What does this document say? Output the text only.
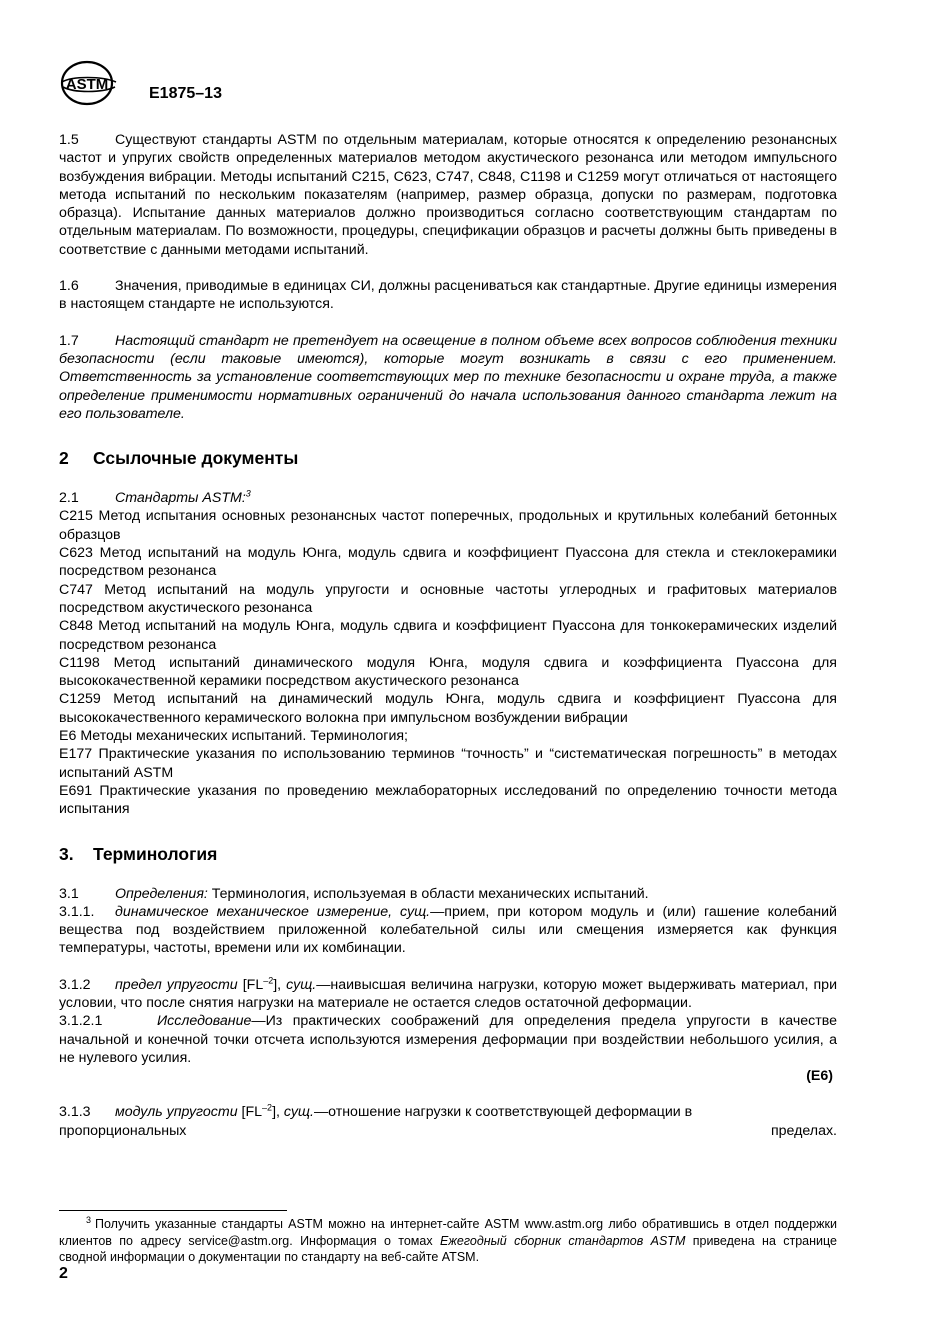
ASTM
E1875–13

1.5	Существуют стандарты ASTM по отдельным материалам, которые относятся к определению резонансных частот и упругих свойств определенных материалов методом акустического резонанса или методом импульсного возбуждения вибрации. Методы испытаний C215, C623, C747, C848, C1198 и C1259 могут отличаться от настоящего метода испытаний по нескольким показателям (например, размер образца, допуски по размерам, подготовка образца). Испытание данных материалов должно производиться согласно соответствующим стандартам по отдельным материалам. По возможности, процедуры, спецификации образцов и расчеты должны быть приведены в соответствие с данными методами испытаний.

1.6	Значения, приводимые в единицах СИ, должны расцениваться как стандартные. Другие единицы измерения в настоящем стандарте не используются.

1.7	Настоящий стандарт не претендует на освещение в полном объеме всех вопросов соблюдения техники безопасности (если таковые имеются), которые могут возникать в связи с его применением. Ответственность за установление соответствующих мер по технике безопасности и охране труда, а также определение применимости нормативных ограничений до начала использования данного стандарта лежит на его пользователе.

2 Ссылочные документы

2.1	Стандарты ASTM:$^3$

C215 Метод испытания основных резонансных частот поперечных, продольных и крутильных колебаний бетонных образцов

C623 Метод испытаний на модуль Юнга, модуль сдвига и коэффициент Пуассона для стекла и стеклокерамики посредством резонанса

C747 Метод испытаний на модуль упругости и основные частоты углеродных и графитовых материалов посредством акустического резонанса

C848 Метод испытаний на модуль Юнга, модуль сдвига и коэффициент Пуассона для тонкокерамических изделий посредством резонанса

C1198 Метод испытаний динамического модуля Юнга, модуля сдвига и коэффициента Пуассона для высококачественной керамики посредством акустического резонанса

C1259 Метод испытаний на динамический модуль Юнга, модуль сдвига и коэффициент Пуассона для высококачественного керамического волокна при импульсном возбуждении вибрации

E6 Методы механических испытаний. Терминология;

E177 Практические указания по использованию терминов “точность” и “систематическая погрешность” в методах испытаний ASTM

E691 Практические указания по проведению межлабораторных исследований по определению точности метода испытания

3. Терминология

3.1	Определения: Терминология, используемая в области механических испытаний.

3.1.1. динамическое механическое измерение, сущ.—прием, при котором модуль и (или) гашение колебаний вещества под воздействием приложенной колебательной силы или смещения измеряется как функция температуры, частоты, времени или их комбинации.

3.1.2 предел упругости $[FL^{-2}]$, сущ.—наивысшая величина нагрузки, которую может выдерживать материал, при условии, что после снятия нагрузки на материале не остается следов остаточной деформации.

3.1.2.1	Исследование—Из практических соображений для определения предела упругости в качестве начальной и конечной точки отсчета используются измерения деформации при воздействии небольшого усилия, а не нулевого усилия.
(E6)

3.1.3 модуль упругости $[FL^{-2}]$, сущ.—отношение нагрузки к соответствующей деформации в

пропорциональных	пределах.
$^3$ Получить указанные стандарты ASTM можно на интернет-сайте ASTM www.astm.org либо обратившись в отдел поддержки клиентов по адресу service@astm.org. Информация о томах Ежегодный сборник стандартов ASTM приведена на странице сводной информации о документации по стандарту на веб-сайте ATSM.
2
